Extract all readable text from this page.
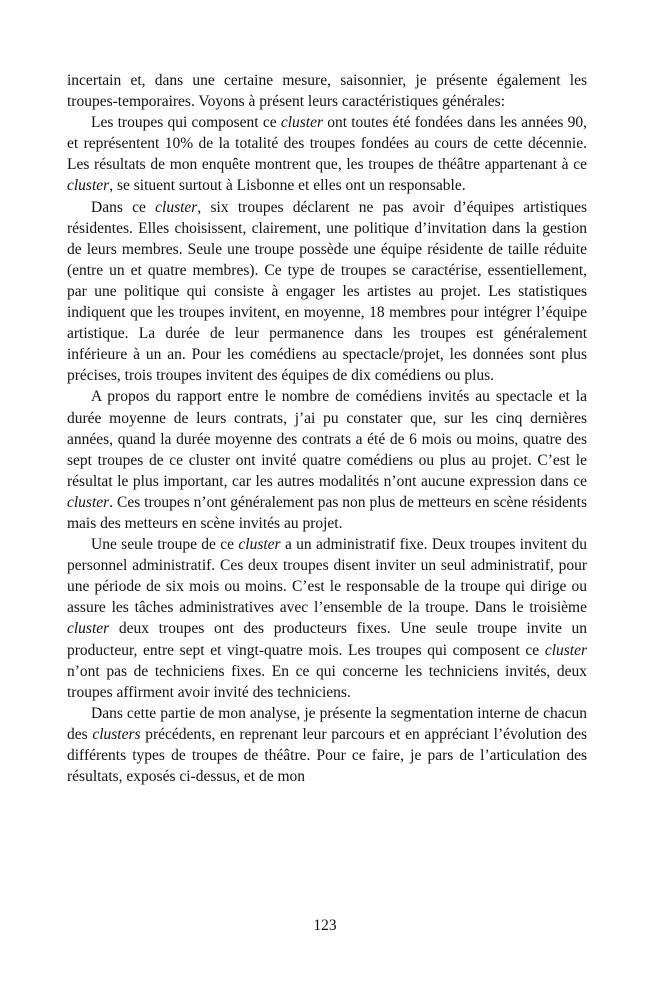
incertain et, dans une certaine mesure, saisonnier, je présente également les troupes-temporaires. Voyons à présent leurs caractéristiques générales:

Les troupes qui composent ce cluster ont toutes été fondées dans les années 90, et représentent 10% de la totalité des troupes fondées au cours de cette décennie. Les résultats de mon enquête montrent que, les troupes de théâtre appartenant à ce cluster, se situent surtout à Lisbonne et elles ont un responsable.

Dans ce cluster, six troupes déclarent ne pas avoir d’équipes artistiques résidentes. Elles choisissent, clairement, une politique d’invitation dans la gestion de leurs membres. Seule une troupe possède une équipe résidente de taille réduite (entre un et quatre membres). Ce type de troupes se caractérise, essentiellement, par une politique qui consiste à engager les artistes au projet. Les statistiques indiquent que les troupes invitent, en moyenne, 18 membres pour intégrer l’équipe artistique. La durée de leur permanence dans les troupes est généralement inférieure à un an. Pour les comédiens au spectacle/projet, les données sont plus précises, trois troupes invitent des équipes de dix comédiens ou plus.

A propos du rapport entre le nombre de comédiens invités au spectacle et la durée moyenne de leurs contrats, j’ai pu constater que, sur les cinq dernières années, quand la durée moyenne des contrats a été de 6 mois ou moins, quatre des sept troupes de ce cluster ont invité quatre comédiens ou plus au projet. C’est le résultat le plus important, car les autres modalités n’ont aucune expression dans ce cluster. Ces troupes n’ont généralement pas non plus de metteurs en scène résidents mais des metteurs en scène invités au projet.

Une seule troupe de ce cluster a un administratif fixe. Deux troupes invitent du personnel administratif. Ces deux troupes disent inviter un seul administratif, pour une période de six mois ou moins. C’est le responsable de la troupe qui dirige ou assure les tâches administratives avec l’ensemble de la troupe. Dans le troisième cluster deux troupes ont des producteurs fixes. Une seule troupe invite un producteur, entre sept et vingt-quatre mois. Les troupes qui composent ce cluster n’ont pas de techniciens fixes. En ce qui concerne les techniciens invités, deux troupes affirment avoir invité des techniciens.

Dans cette partie de mon analyse, je présente la segmentation interne de chacun des clusters précédents, en reprenant leur parcours et en appréciant l’évolution des différents types de troupes de théâtre. Pour ce faire, je pars de l’articulation des résultats, exposés ci-dessus, et de mon

123
